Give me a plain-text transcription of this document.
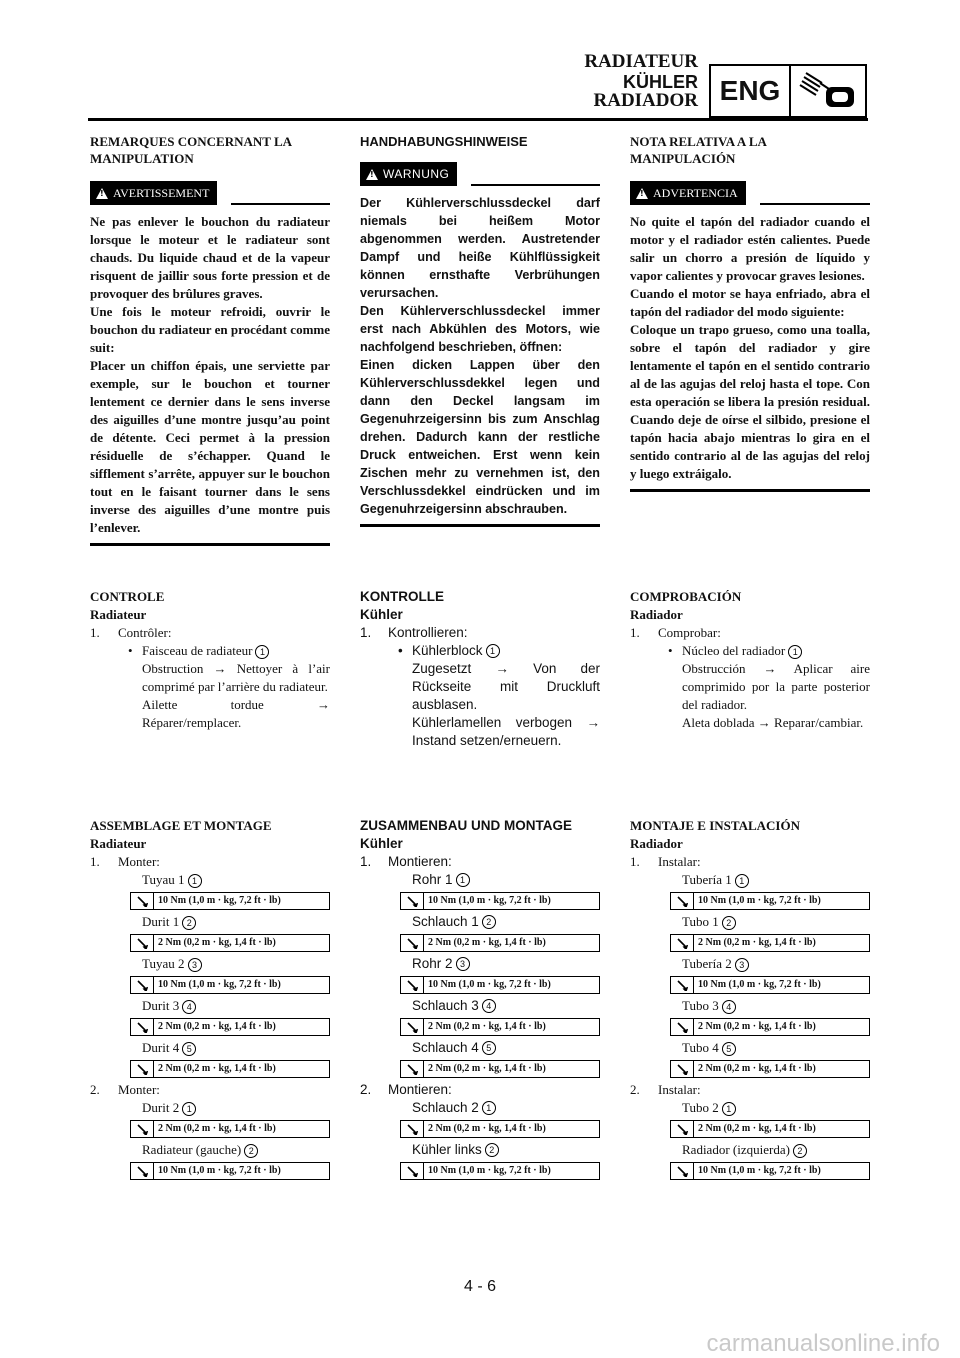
RADIATEUR
KÜHLER
RADIADOR ENG

REMARQUES CONCERNANT LA MANIPULATION

!
AVERTISSEMENT

Ne pas enlever le bouchon du radiateur lorsque le moteur et le radiateur sont chauds. Du liquide chaud et de la vapeur risquent de jaillir sous forte pression et de provoquer des brûlures graves.

Une fois le moteur refroidi, ouvrir le bouchon du radiateur en procédant comme suit:

Placer un chiffon épais, une serviette par exemple, sur le bouchon et tourner lentement ce dernier dans le sens inverse des aiguilles d’une montre jusqu’au point de détente. Ceci permet à la pression résiduelle de s’échapper. Quand le sifflement s’arrête, appuyer sur le bouchon tout en le faisant tourner dans le sens inverse des aiguilles d’une montre puis l’enlever.

HANDHABUNGSHINWEISE

!
WARNUNG

Der Kühlerverschlussdeckel darf niemals bei heißem Motor abgenommen werden. Austretender Dampf und heiße Kühlflüssigkeit können ernsthafte Verbrühungen verursachen.

Den Kühlerverschlussdeckel immer erst nach Abkühlen des Motors, wie nachfolgend beschrieben, öffnen:

Einen dicken Lappen über den Kühlerverschlussdekkel legen und dann den Deckel langsam im Gegenuhrzeigersinn bis zum Anschlag drehen. Dadurch kann der restliche Druck entweichen. Erst wenn kein Zischen mehr zu vernehmen ist, den Verschlussdekkel eindrücken und im Gegenuhrzeigersinn abschrauben.

NOTA RELATIVA A LA MANIPULACIÓN

!
ADVERTENCIA

No quite el tapón del radiador cuando el motor y el radiador estén calientes. Puede salir un chorro a presión de líquido y vapor calientes y provocar graves lesiones.

Cuando el motor se haya enfriado, abra el tapón del radiador del modo siguiente:

Coloque un trapo grueso, como una toalla, sobre el tapón del radiador y gire lentamente el tapón en el sentido contrario al de las agujas del reloj hasta el tope. Con esta operación se libera la presión residual. Cuando deje de oírse el silbido, presione el tapón hacia abajo mientras lo gira en el sentido contrario al de las agujas del reloj y luego extráigalo.

CONTROLE
Radiateur
1.	Contrôler:
• Faisceau de radiateur 1
Obstruction → Nettoyer à l’air comprimé par l’arrière du radiateur.
Ailette tordue → Réparer/remplacer.
KONTROLLE
Kühler
1.	Kontrollieren:
• Kühlerblock 1
Zugesetzt → Von der Rückseite mit Druckluft ausblasen.
Kühlerlamellen verbogen → Instand setzen/erneuern.
COMPROBACIÓN
Radiador
1.	Comprobar:
• Núcleo del radiador 1
Obstrucción → Aplicar aire comprimido por la parte posterior del radiador.
Aleta doblada → Reparar/cambiar.
ASSEMBLAGE ET MONTAGE
Radiateur
1.	Monter:
Tuyau 1 1
10 Nm (1,0 m · kg, 7,2 ft · lb)
Durit 1 2
2 Nm (0,2 m · kg, 1,4 ft · lb)
Tuyau 2 3
10 Nm (1,0 m · kg, 7,2 ft · lb)
Durit 3 4
2 Nm (0,2 m · kg, 1,4 ft · lb)
Durit 4 5
2 Nm (0,2 m · kg, 1,4 ft · lb)
2.	Monter:
Durit 2 1
2 Nm (0,2 m · kg, 1,4 ft · lb)
Radiateur (gauche) 2
10 Nm (1,0 m · kg, 7,2 ft · lb)
ZUSAMMENBAU UND MONTAGE
Kühler
1.	Montieren:
Rohr 1 1
10 Nm (1,0 m · kg, 7,2 ft · lb)
Schlauch 1 2
2 Nm (0,2 m · kg, 1,4 ft · lb)
Rohr 2 3
10 Nm (1,0 m · kg, 7,2 ft · lb)
Schlauch 3 4
2 Nm (0,2 m · kg, 1,4 ft · lb)
Schlauch 4 5
2 Nm (0,2 m · kg, 1,4 ft · lb)
2.	Montieren:
Schlauch 2 1
2 Nm (0,2 m · kg, 1,4 ft · lb)
Kühler links 2
10 Nm (1,0 m · kg, 7,2 ft · lb)
MONTAJE E INSTALACIÓN
Radiador
1.	Instalar:
Tubería 1 1
10 Nm (1,0 m · kg, 7,2 ft · lb)
Tubo 1 2
2 Nm (0,2 m · kg, 1,4 ft · lb)
Tubería 2 3
10 Nm (1,0 m · kg, 7,2 ft · lb)
Tubo 3 4
2 Nm (0,2 m · kg, 1,4 ft · lb)
Tubo 4 5
2 Nm (0,2 m · kg, 1,4 ft · lb)
2.	Instalar:
Tubo 2 1
2 Nm (0,2 m · kg, 1,4 ft · lb)
Radiador (izquierda) 2
10 Nm (1,0 m · kg, 7,2 ft · lb)
4 - 6
carmanualsonline.info
